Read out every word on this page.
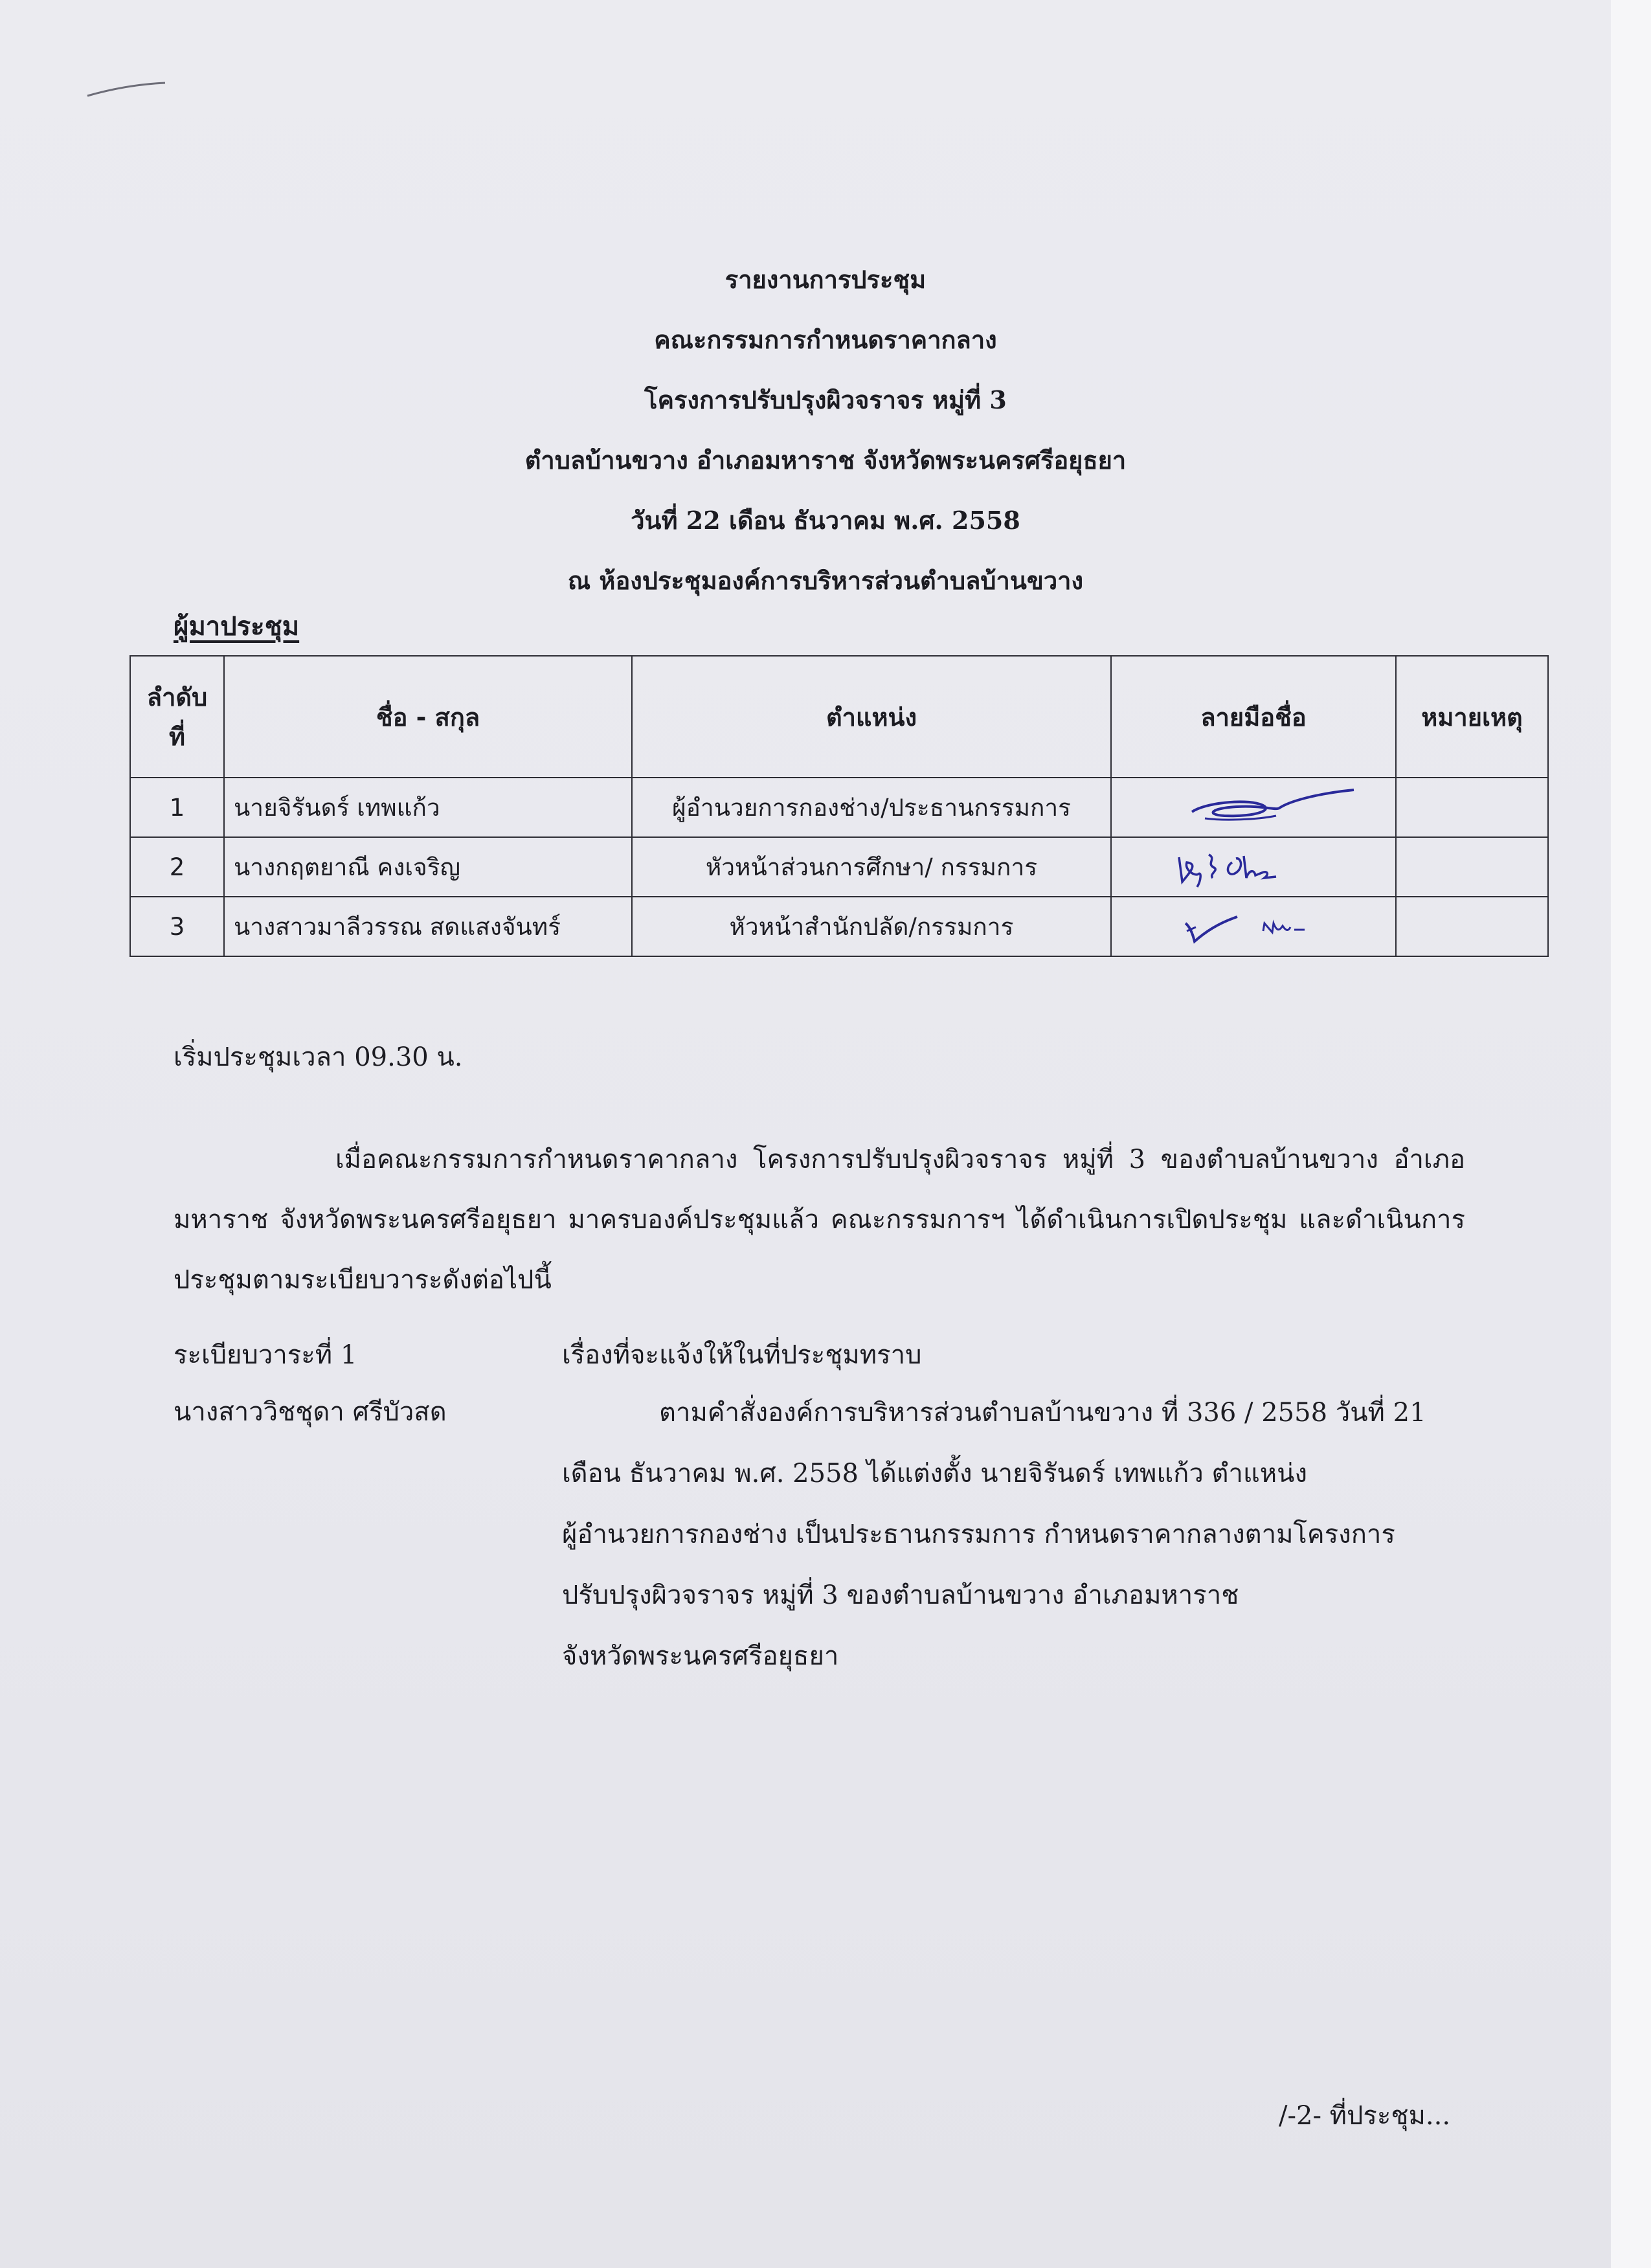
รายงานการประชุม
คณะกรรมการกำหนดราคากลาง
โครงการปรับปรุงผิวจราจร หมู่ที่ 3
ตำบลบ้านขวาง อำเภอมหาราช จังหวัดพระนครศรีอยุธยา
วันที่ 22 เดือน ธันวาคม พ.ศ. 2558
ณ ห้องประชุมองค์การบริหารส่วนตำบลบ้านขวาง
ผู้มาประชุม
ลำดับ ที่	ชื่อ - สกุล	ตำแหน่ง	ลายมือชื่อ	หมายเหตุ
1	นายจิรันดร์ เทพแก้ว	ผู้อำนวยการกองช่าง/ประธานกรรมการ	

2	นางกฤตยาณี คงเจริญ	หัวหน้าส่วนการศึกษา/ กรรมการ	

3	นางสาวมาลีวรรณ สดแสงจันทร์	หัวหน้าสำนักปลัด/กรรมการ	

เริ่มประชุมเวลา 09.30 น.
เมื่อคณะกรรมการกำหนดราคากลาง โครงการปรับปรุงผิวจราจร หมู่ที่ 3 ของตำบลบ้านขวาง อำเภอมหาราช จังหวัดพระนครศรีอยุธยา มาครบองค์ประชุมแล้ว คณะกรรมการฯ ได้ดำเนินการเปิดประชุม และดำเนินการประชุมตามระเบียบวาระดังต่อไปนี้
ระเบียบวาระที่ 1	เรื่องที่จะแจ้งให้ในที่ประชุมทราบ
นางสาววิชชุดา ศรีบัวสด	ตามคำสั่งองค์การบริหารส่วนตำบลบ้านขวาง ที่ 336 / 2558 วันที่ 21
เดือน ธันวาคม พ.ศ. 2558 ได้แต่งตั้ง นายจิรันดร์ เทพแก้ว ตำแหน่ง
ผู้อำนวยการกองช่าง เป็นประธานกรรมการ กำหนดราคากลางตามโครงการ
ปรับปรุงผิวจราจร หมู่ที่ 3 ของตำบลบ้านขวาง อำเภอมหาราช
จังหวัดพระนครศรีอยุธยา
/-2- ที่ประชุม...
